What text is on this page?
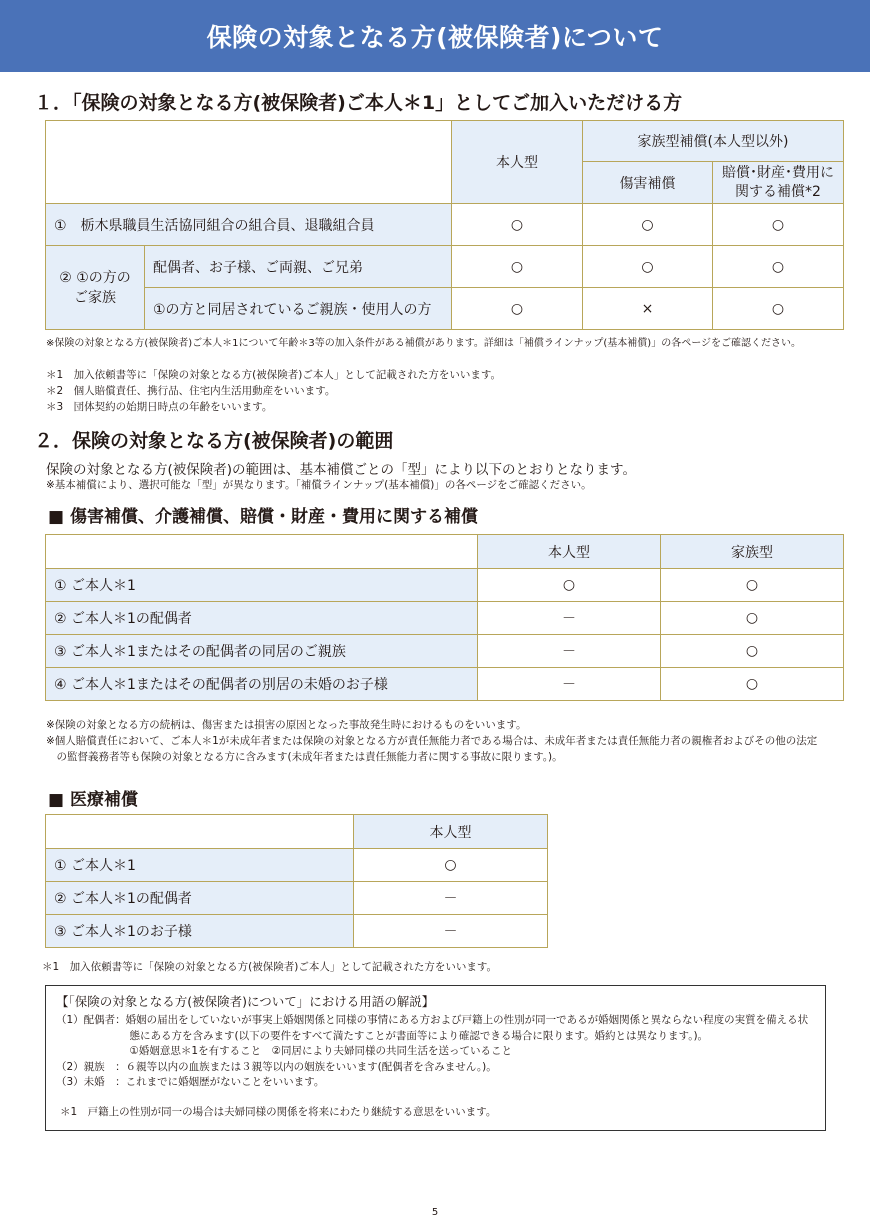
保険の対象となる方(被保険者)について
１．「保険の対象となる方(被保険者)ご本人＊1」としてご加入いただける方
		本人型	家族型補償(本人型以外)	
			傷害補償	賠償･財産･費用に
関する補償*2

①　栃木県職員生活協同組合の組合員、退職組合員		○	○	○

② ①の方の
ご家族	配偶者、お子様、ご両親、ご兄弟	○	○	○
	①の方と同居されているご親族・使用人の方	○	×	○
※保険の対象となる方(被保険者)ご本人＊1について年齢＊3等の加入条件がある補償があります。詳細は「補償ラインナップ(基本補償)」の各ページをご確認ください。
＊1　加入依頼書等に「保険の対象となる方(被保険者)ご本人」として記載された方をいいます。
＊2　個人賠償責任、携行品、住宅内生活用動産をいいます。
＊3　団体契約の始期日時点の年齢をいいます。
２．保険の対象となる方(被保険者)の範囲
保険の対象となる方(被保険者)の範囲は、基本補償ごとの「型」により以下のとおりとなります。
※基本補償により、選択可能な「型」が異なります。「補償ラインナップ(基本補償)」の各ページをご確認ください。
■ 傷害補償、介護補償、賠償・財産・費用に関する補償
	本人型	家族型
① ご本人＊1	○	○
② ご本人＊1の配偶者	－	○
③ ご本人＊1またはその配偶者の同居のご親族	－	○
④ ご本人＊1またはその配偶者の別居の未婚のお子様	－	○
※保険の対象となる方の続柄は、傷害または損害の原因となった事故発生時におけるものをいいます。
※個人賠償責任において、ご本人＊1が未成年者または保険の対象となる方が責任無能力者である場合は、未成年者または責任無能力者の親権者およびその他の法定
　の監督義務者等も保険の対象となる方に含みます(未成年者または責任無能力者に関する事故に限ります。)。
■ 医療補償
	本人型
① ご本人＊1	○
② ご本人＊1の配偶者	－
③ ご本人＊1のお子様	－
＊1　加入依頼書等に「保険の対象となる方(被保険者)ご本人」として記載された方をいいます。
【「保険の対象となる方(被保険者)について」における用語の解説】
（1）配偶者：婚姻の届出をしていないが事実上婚姻関係と同様の事情にある方および戸籍上の性別が同一であるが婚姻関係と異ならない程度の実質を備える状
　　　　　　　態にある方を含みます(以下の要件をすべて満たすことが書面等により確認できる場合に限ります。婚約とは異なります。)。
　　　　　　　①婚姻意思＊1を有すること　②同居により夫婦同様の共同生活を送っていること
（2）親族　：６親等以内の血族または３親等以内の姻族をいいます(配偶者を含みません。)。
（3）未婚　：これまでに婚姻歴がないことをいいます。
＊1　戸籍上の性別が同一の場合は夫婦同様の関係を将来にわたり継続する意思をいいます。
5
